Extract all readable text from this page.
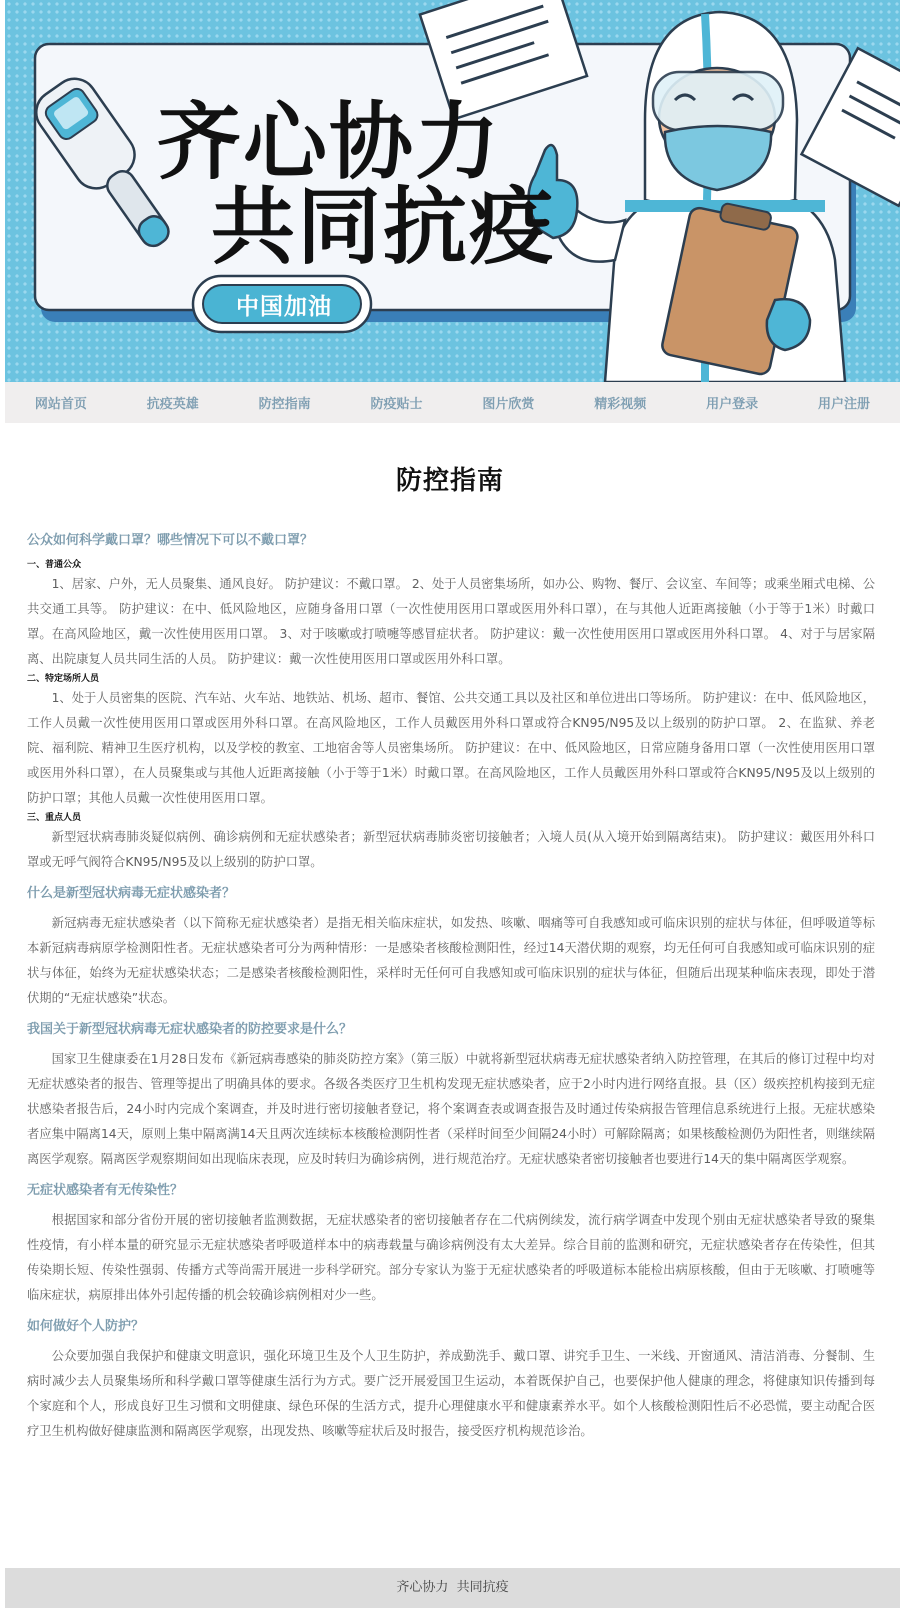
齐心协力
共同抗疫
中国加油
网站首页	抗疫英雄	防控指南	防疫贴士	图片欣赏	精彩视频	用户登录	用户注册
防控指南
公众如何科学戴口罩？哪些情况下可以不戴口罩？
一、普通公众

1、居家、户外，无人员聚集、通风良好。 防护建议：不戴口罩。 2、处于人员密集场所，如办公、购物、餐厅、会议室、车间等；或乘坐厢式电梯、公共交通工具等。 防护建议：在中、低风险地区，应随身备用口罩（一次性使用医用口罩或医用外科口罩），在与其他人近距离接触（小于等于1米）时戴口罩。在高风险地区，戴一次性使用医用口罩。 3、对于咳嗽或打喷嚏等感冒症状者。 防护建议：戴一次性使用医用口罩或医用外科口罩。 4、对于与居家隔离、出院康复人员共同生活的人员。 防护建议：戴一次性使用医用口罩或医用外科口罩。

二、特定场所人员

1、处于人员密集的医院、汽车站、火车站、地铁站、机场、超市、餐馆、公共交通工具以及社区和单位进出口等场所。 防护建议：在中、低风险地区，工作人员戴一次性使用医用口罩或医用外科口罩。在高风险地区，工作人员戴医用外科口罩或符合KN95/N95及以上级别的防护口罩。 2、在监狱、养老院、福利院、精神卫生医疗机构，以及学校的教室、工地宿舍等人员密集场所。 防护建议：在中、低风险地区，日常应随身备用口罩（一次性使用医用口罩或医用外科口罩），在人员聚集或与其他人近距离接触（小于等于1米）时戴口罩。在高风险地区，工作人员戴医用外科口罩或符合KN95/N95及以上级别的防护口罩；其他人员戴一次性使用医用口罩。

三、重点人员

新型冠状病毒肺炎疑似病例、确诊病例和无症状感染者；新型冠状病毒肺炎密切接触者；入境人员(从入境开始到隔离结束)。 防护建议：戴医用外科口罩或无呼气阀符合KN95/N95及以上级别的防护口罩。

什么是新型冠状病毒无症状感染者？

新冠病毒无症状感染者（以下简称无症状感染者）是指无相关临床症状，如发热、咳嗽、咽痛等可自我感知或可临床识别的症状与体征，但呼吸道等标本新冠病毒病原学检测阳性者。无症状感染者可分为两种情形：一是感染者核酸检测阳性，经过14天潜伏期的观察，均无任何可自我感知或可临床识别的症状与体征，始终为无症状感染状态；二是感染者核酸检测阳性，采样时无任何可自我感知或可临床识别的症状与体征，但随后出现某种临床表现，即处于潜伏期的“无症状感染”状态。

我国关于新型冠状病毒无症状感染者的防控要求是什么？

国家卫生健康委在1月28日发布《新冠病毒感染的肺炎防控方案》（第三版）中就将新型冠状病毒无症状感染者纳入防控管理，在其后的修订过程中均对无症状感染者的报告、管理等提出了明确具体的要求。各级各类医疗卫生机构发现无症状感染者，应于2小时内进行网络直报。县（区）级疾控机构接到无症状感染者报告后，24小时内完成个案调查，并及时进行密切接触者登记，将个案调查表或调查报告及时通过传染病报告管理信息系统进行上报。无症状感染者应集中隔离14天，原则上集中隔离满14天且两次连续标本核酸检测阴性者（采样时间至少间隔24小时）可解除隔离；如果核酸检测仍为阳性者，则继续隔离医学观察。隔离医学观察期间如出现临床表现，应及时转归为确诊病例，进行规范治疗。无症状感染者密切接触者也要进行14天的集中隔离医学观察。

无症状感染者有无传染性？

根据国家和部分省份开展的密切接触者监测数据，无症状感染者的密切接触者存在二代病例续发，流行病学调查中发现个别由无症状感染者导致的聚集性疫情，有小样本量的研究显示无症状感染者呼吸道样本中的病毒载量与确诊病例没有太大差异。综合目前的监测和研究，无症状感染者存在传染性，但其传染期长短、传染性强弱、传播方式等尚需开展进一步科学研究。部分专家认为鉴于无症状感染者的呼吸道标本能检出病原核酸，但由于无咳嗽、打喷嚏等临床症状，病原排出体外引起传播的机会较确诊病例相对少一些。

如何做好个人防护？

公众要加强自我保护和健康文明意识，强化环境卫生及个人卫生防护，养成勤洗手、戴口罩、讲究手卫生、一米线、开窗通风、清洁消毒、分餐制、生病时减少去人员聚集场所和科学戴口罩等健康生活行为方式。要广泛开展爱国卫生运动，本着既保护自己，也要保护他人健康的理念，将健康知识传播到每个家庭和个人，形成良好卫生习惯和文明健康、绿色环保的生活方式，提升心理健康水平和健康素养水平。如个人核酸检测阳性后不必恐慌，要主动配合医疗卫生机构做好健康监测和隔离医学观察，出现发热、咳嗽等症状后及时报告，接受医疗机构规范诊治。

齐心协力  共同抗疫
